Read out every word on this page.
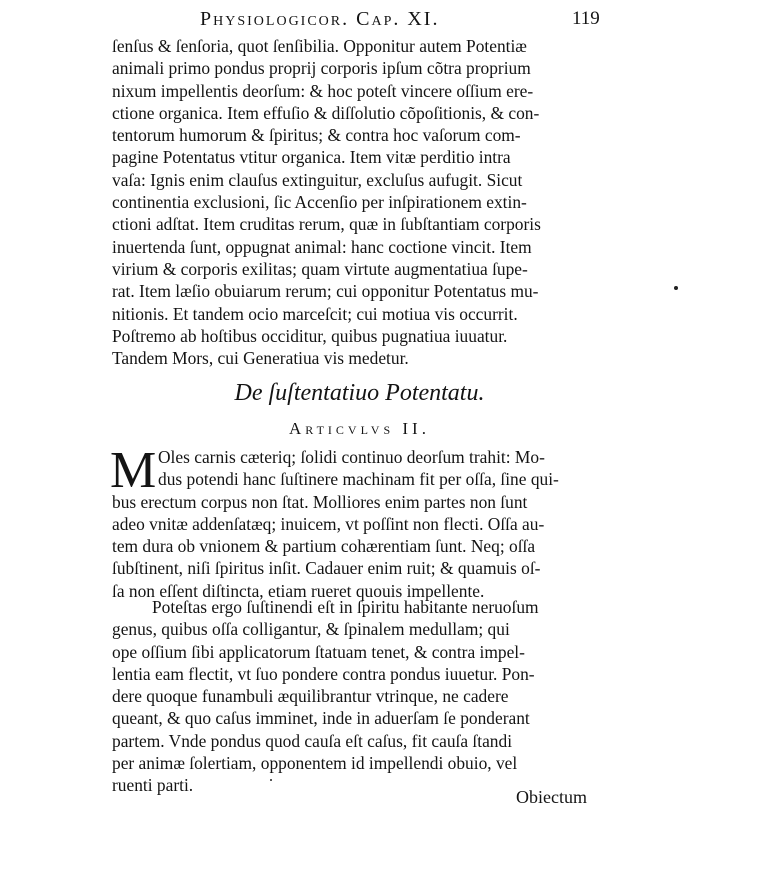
Physiologicor. Cap. XI.	119
ſenſus & ſenſoria, quot ſenſibilia. Opponitur autem Potentiæ
animali primo pondus proprij corporis ipſum cõtra proprium
nixum impellentis deorſum: & hoc poteſt vincere oſſium ere-
ctione organica. Item effuſio & diſſolutio cõpoſitionis, & con-
tentorum humorum & ſpiritus; & contra hoc vaſorum com-
pagine Potentatus vtitur organica. Item vitæ perditio intra
vaſa: Ignis enim clauſus extinguitur, excluſus aufugit. Sicut
continentia exclusioni, ſic Accenſio per inſpirationem extin-
ctioni adſtat. Item cruditas rerum, quæ in ſubſtantiam corporis
inuertenda ſunt, oppugnat animal: hanc coctione vincit. Item
virium & corporis exilitas; quam virtute augmentatiua ſupe-
rat. Item læſio obuiarum rerum; cui opponitur Potentatus mu-
nitionis. Et tandem ocio marceſcit; cui motiua vis occurrit.
Poſtremo ab hoſtibus occiditur, quibus pugnatiua iuuatur.
Tandem Mors, cui Generatiua vis medetur.
De ſuſtentatiuo Potentatu.
Articvlvs II.
M Oles carnis cæteriq; ſolidi continuo deorſum trahit: Mo-
dus potendi hanc ſuſtinere machinam fit per oſſa, ſine qui-
bus erectum corpus non ſtat. Molliores enim partes non ſunt
adeo vnitæ addenſatæq; inuicem, vt poſſint non flecti. Oſſa au-
tem dura ob vnionem & partium cohærentiam ſunt. Neq; oſſa
ſubſtinent, niſi ſpiritus inſit. Cadauer enim ruit; & quamuis oſ-
ſa non eſſent diſtincta, etiam rueret quouis impellente.
Poteſtas ergo ſuſtinendi eſt in ſpiritu habitante neruoſum
genus, quibus oſſa colligantur, & ſpinalem medullam; qui
ope oſſium ſibi applicatorum ſtatuam tenet, & contra impel-
lentia eam flectit, vt ſuo pondere contra pondus iuuetur. Pon-
dere quoque funambuli æquilibrantur vtrinque, ne cadere
queant, & quo caſus imminet, inde in aduerſam ſe ponderant
partem. Vnde pondus quod cauſa eſt caſus, fit cauſa ſtandi
per animæ ſolertiam, opponentem id impellendi obuio, vel
ruenti parti.
Obiectum
